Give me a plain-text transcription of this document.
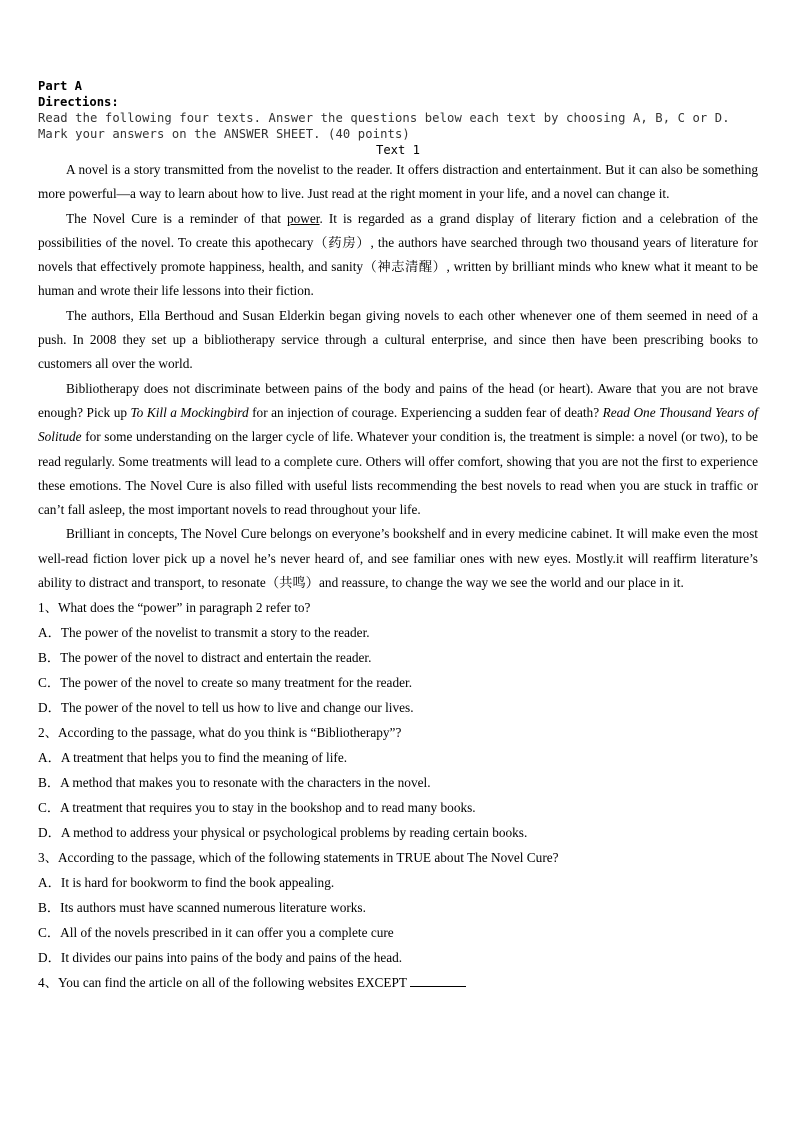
Part A
Directions:
Read the following four texts. Answer the questions below each text by choosing A, B, C or D. Mark your answers on the ANSWER SHEET. (40 points)
Text 1

A novel is a story transmitted from the novelist to the reader. It offers distraction and entertainment. But it can also be something more powerful—a way to learn about how to live. Just read at the right moment in your life, and a novel can change it.

The Novel Cure is a reminder of that power. It is regarded as a grand display of literary fiction and a celebration of the possibilities of the novel. To create this apothecary（药房）, the authors have searched through two thousand years of literature for novels that effectively promote happiness, health, and sanity（神志清醒）, written by brilliant minds who knew what it meant to be human and wrote their life lessons into their fiction.

The authors, Ella Berthoud and Susan Elderkin began giving novels to each other whenever one of them seemed in need of a push. In 2008 they set up a bibliotherapy service through a cultural enterprise, and since then have been prescribing books to customers all over the world.

Bibliotherapy does not discriminate between pains of the body and pains of the head (or heart). Aware that you are not brave enough? Pick up To Kill a Mockingbird for an injection of courage. Experiencing a sudden fear of death? Read One Thousand Years of Solitude for some understanding on the larger cycle of life. Whatever your condition is, the treatment is simple: a novel (or two), to be read regularly. Some treatments will lead to a complete cure. Others will offer comfort, showing that you are not the first to experience these emotions. The Novel Cure is also filled with useful lists recommending the best novels to read when you are stuck in traffic or can’t fall asleep, the most important novels to read throughout your life.

Brilliant in concepts, The Novel Cure belongs on everyone’s bookshelf and in every medicine cabinet. It will make even the most well-read fiction lover pick up a novel he’s never heard of, and see familiar ones with new eyes. Mostly.it will reaffirm literature’s ability to distract and transport, to resonate（共鸣）and reassure, to change the way we see the world and our place in it.

1、What does the “power” in paragraph 2 refer to?

A．The power of the novelist to transmit a story to the reader.

B．The power of the novel to distract and entertain the reader.

C．The power of the novel to create so many treatment for the reader.

D．The power of the novel to tell us how to live and change our lives.

2、According to the passage, what do you think is “Bibliotherapy”?

A．A treatment that helps you to find the meaning of life.

B．A method that makes you to resonate with the characters in the novel.

C．A treatment that requires you to stay in the bookshop and to read many books.

D．A method to address your physical or psychological problems by reading certain books.

3、According to the passage, which of the following statements in TRUE about The Novel Cure?

A．It is hard for bookworm to find the book appealing.

B．Its authors must have scanned numerous literature works.

C．All of the novels prescribed in it can offer you a complete cure

D．It divides our pains into pains of the body and pains of the head.

4、You can find the article on all of the following websites EXCEPT
